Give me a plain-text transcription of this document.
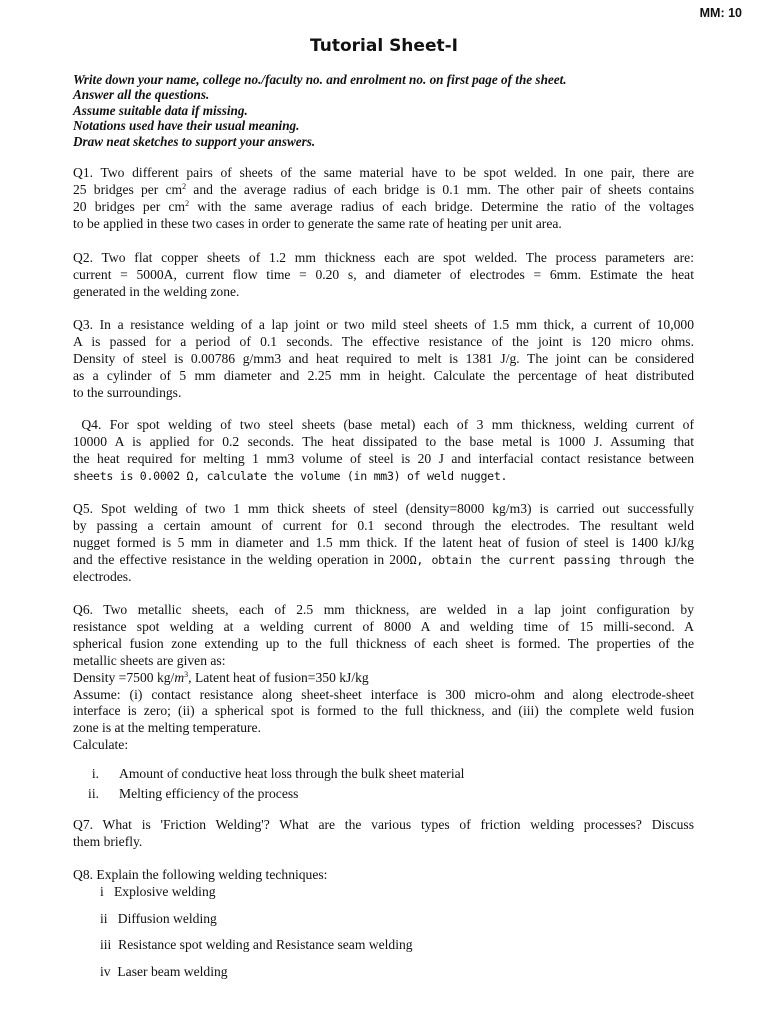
MM: 10
Tutorial Sheet-I
Write down your name, college no./faculty no. and enrolment no. on first page of the sheet.
Answer all the questions.
Assume suitable data if missing.
Notations used have their usual meaning.
Draw neat sketches to support your answers.
Q1. Two different pairs of sheets of the same material have to be spot welded. In one pair, there are
25 bridges per $cm^2$ and the average radius of each bridge is 0.1 mm. The other pair of sheets contains
20 bridges per $cm^2$ with the same average radius of each bridge. Determine the ratio of the voltages
to be applied in these two cases in order to generate the same rate of heating per unit area.
Q2. Two flat copper sheets of 1.2 mm thickness each are spot welded. The process parameters are:
current = 5000A, current flow time = 0.20 s, and diameter of electrodes = 6mm. Estimate the heat
generated in the welding zone.
Q3. In a resistance welding of a lap joint or two mild steel sheets of 1.5 mm thick, a current of 10,000
A is passed for a period of 0.1 seconds. The effective resistance of the joint is 120 micro ohms.
Density of steel is 0.00786 g/mm3 and heat required to melt is 1381 J/g. The joint can be considered
as a cylinder of 5 mm diameter and 2.25 mm in height. Calculate the percentage of heat distributed
to the surroundings.
Q4. For spot welding of two steel sheets (base metal) each of 3 mm thickness, welding current of
10000 A is applied for 0.2 seconds. The heat dissipated to the base metal is 1000 J. Assuming that
the heat required for melting 1 mm3 volume of steel is 20 J and interfacial contact resistance between
sheets is 0.0002 Ω, calculate the volume (in mm3) of weld nugget.
Q5. Spot welding of two 1 mm thick sheets of steel (density=8000 kg/m3) is carried out successfully
by passing a certain amount of current for 0.1 second through the electrodes. The resultant weld
nugget formed is 5 mm in diameter and 1.5 mm thick. If the latent heat of fusion of steel is 1400 kJ/kg
and the effective resistance in the welding operation in 200Ω, obtain the current passing through the
electrodes.
Q6. Two metallic sheets, each of 2.5 mm thickness, are welded in a lap joint configuration by
resistance spot welding at a welding current of 8000 A and welding time of 15 milli-second. A
spherical fusion zone extending up to the full thickness of each sheet is formed. The properties of the
metallic sheets are given as:
Density =7500 $kg/m^3$, Latent heat of fusion=350 kJ/kg
Assume: (i) contact resistance along sheet-sheet interface is 300 micro-ohm and along electrode-sheet
interface is zero; (ii) a spherical spot is formed to the full thickness, and (iii) the complete weld fusion
zone is at the melting temperature.
Calculate:
i. Amount of conductive heat loss through the bulk sheet material
ii. Melting efficiency of the process
Q7. What is 'Friction Welding'? What are the various types of friction welding processes? Discuss
them briefly.
Q8. Explain the following welding techniques:
i Explosive welding
ii Diffusion welding
iii Resistance spot welding and Resistance seam welding
iv Laser beam welding
